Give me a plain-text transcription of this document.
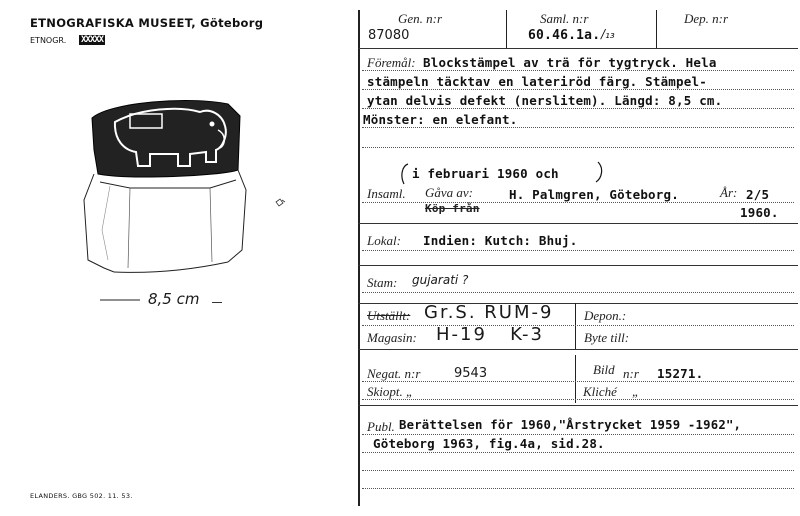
ETNOGRAFISKA MUSEET, Göteborg
ETNOGR. XXXXX
8,5 cm
ELANDERS. GBG 502. 11. 53.
Gen. n:r	Saml. n:r	Dep. n:r
87080	60.46.1a. /₁₃
Föremål: Blockstämpel av trä för tygtryck. Hela
stämpeln täcktav en lateriröd färg. Stämpel-
ytan delvis defekt (nerslitem). Längd: 8,5 cm.
Mönster: en elefant.
i februari 1960 och
Insaml. Gåva av:	H. Palmgren, Göteborg.	År: 2/5
1960.
Köp från
Lokal: Indien: Kutch: Bhuj.
Stam: gujarati ?
Utställt: Gr.S. RUM-9 Depon.:
Magasin: H-19   K-3	Byte till:
Negat. n:r	9543	Bild n:r 15271.
Skiopt. „	Kliché „
Publ. Berättelsen för 1960,"Årstrycket 1959 -1962",
Göteborg 1963, fig.4a, sid.28.
